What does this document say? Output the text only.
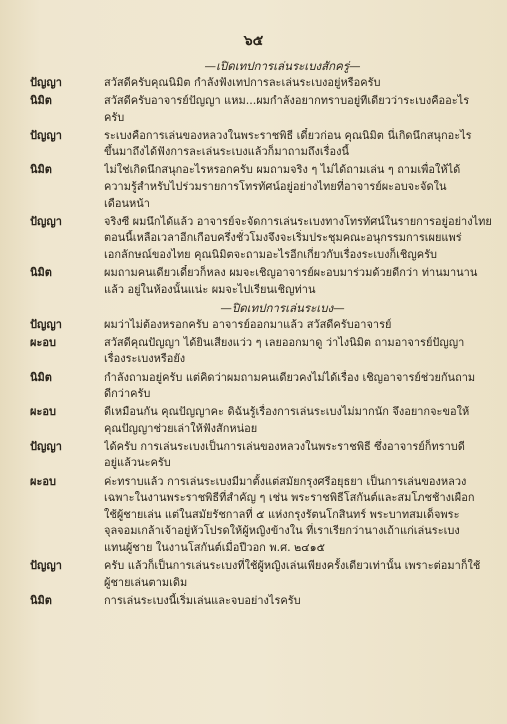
๖๕
—เปิดเทปการเล่นระเบงสักครู่—
ปัญญา	สวัสดีครับคุณนิมิต กำลังฟังเทปการละเล่นระเบงอยู่หรือครับ
นิมิต	สวัสดีครับอาจารย์ปัญญา แหม...ผมกำลังอยากทราบอยู่ทีเดียวว่าระเบงคืออะไร
ครับ
ปัญญา	ระเบงคือการเล่นของหลวงในพระราชพิธี เดี๋ยวก่อน คุณนิมิต นี่เกิดนึกสนุกอะไร
ขึ้นมาถึงได้ฟังการละเล่นระเบงแล้วก็มาถามถึงเรื่องนี้
นิมิต	ไม่ใช่เกิดนึกสนุกอะไรหรอกครับ ผมถามจริง ๆ ไม่ได้ถามเล่น ๆ ถามเพื่อให้ได้
ความรู้สำหรับไปร่วมรายการโทรทัศน์อยู่อย่างไทยที่อาจารย์ผะอบจะจัดใน
เดือนหน้า
ปัญญา	จริงซี ผมนึกได้แล้ว อาจารย์จะจัดการเล่นระเบงทางโทรทัศน์ในรายการอยู่อย่างไทย
ตอนนี้เหลือเวลาอีกเกือบครึ่งชั่วโมงจึงจะเริ่มประชุมคณะอนุกรรมการเผยแพร่
เอกลักษณ์ของไทย คุณนิมิตจะถามอะไรอีกเกี่ยวกับเรื่องระเบงก็เชิญครับ
นิมิต	ผมถามคนเดียวเดี๋ยวก็หลง ผมจะเชิญอาจารย์ผะอบมาร่วมด้วยดีกว่า ท่านมานาน
แล้ว อยู่ในห้องนั้นแน่ะ ผมจะไปเรียนเชิญท่าน
—ปิดเทปการเล่นระเบง—
ปัญญา	ผมว่าไม่ต้องหรอกครับ อาจารย์ออกมาแล้ว สวัสดีครับอาจารย์
ผะอบ	สวัสดีคุณปัญญา ได้ยินเสียงแว่ว ๆ เลยออกมาดู ว่าไงนิมิต ถามอาจารย์ปัญญา
เรื่องระเบงหรือยัง
นิมิต	กำลังถามอยู่ครับ แต่คิดว่าผมถามคนเดียวคงไม่ได้เรื่อง เชิญอาจารย์ช่วยกันถาม
ดีกว่าครับ
ผะอบ	ดีเหมือนกัน คุณปัญญาคะ ดิฉันรู้เรื่องการเล่นระเบงไม่มากนัก จึงอยากจะขอให้
คุณปัญญาช่วยเล่าให้ฟังสักหน่อย
ปัญญา	ได้ครับ การเล่นระเบงเป็นการเล่นของหลวงในพระราชพิธี ซึ่งอาจารย์ก็ทราบดี
อยู่แล้วนะครับ
ผะอบ	ค่ะทราบแล้ว การเล่นระเบงมีมาตั้งแต่สมัยกรุงศรีอยุธยา เป็นการเล่นของหลวง
เฉพาะในงานพระราชพิธีที่สำคัญ ๆ เช่น พระราชพิธีโสกันต์และสมโภชช้างเผือก
ใช้ผู้ชายเล่น แต่ในสมัยรัชกาลที่ ๕ แห่งกรุงรัตนโกสินทร์ พระบาทสมเด็จพระ
จุลจอมเกล้าเจ้าอยู่หัวโปรดให้ผู้หญิงข้างใน ที่เราเรียกว่านางเถ้าแก่เล่นระเบง
แทนผู้ชาย ในงานโสกันต์เมื่อปีวอก พ.ศ. ๒๔๑๕
ปัญญา	ครับ แล้วก็เป็นการเล่นระเบงที่ใช้ผู้หญิงเล่นเพียงครั้งเดียวเท่านั้น เพราะต่อมาก็ใช้
ผู้ชายเล่นตามเดิม
นิมิต	การเล่นระเบงนี้เริ่มเล่นและจบอย่างไรครับ
